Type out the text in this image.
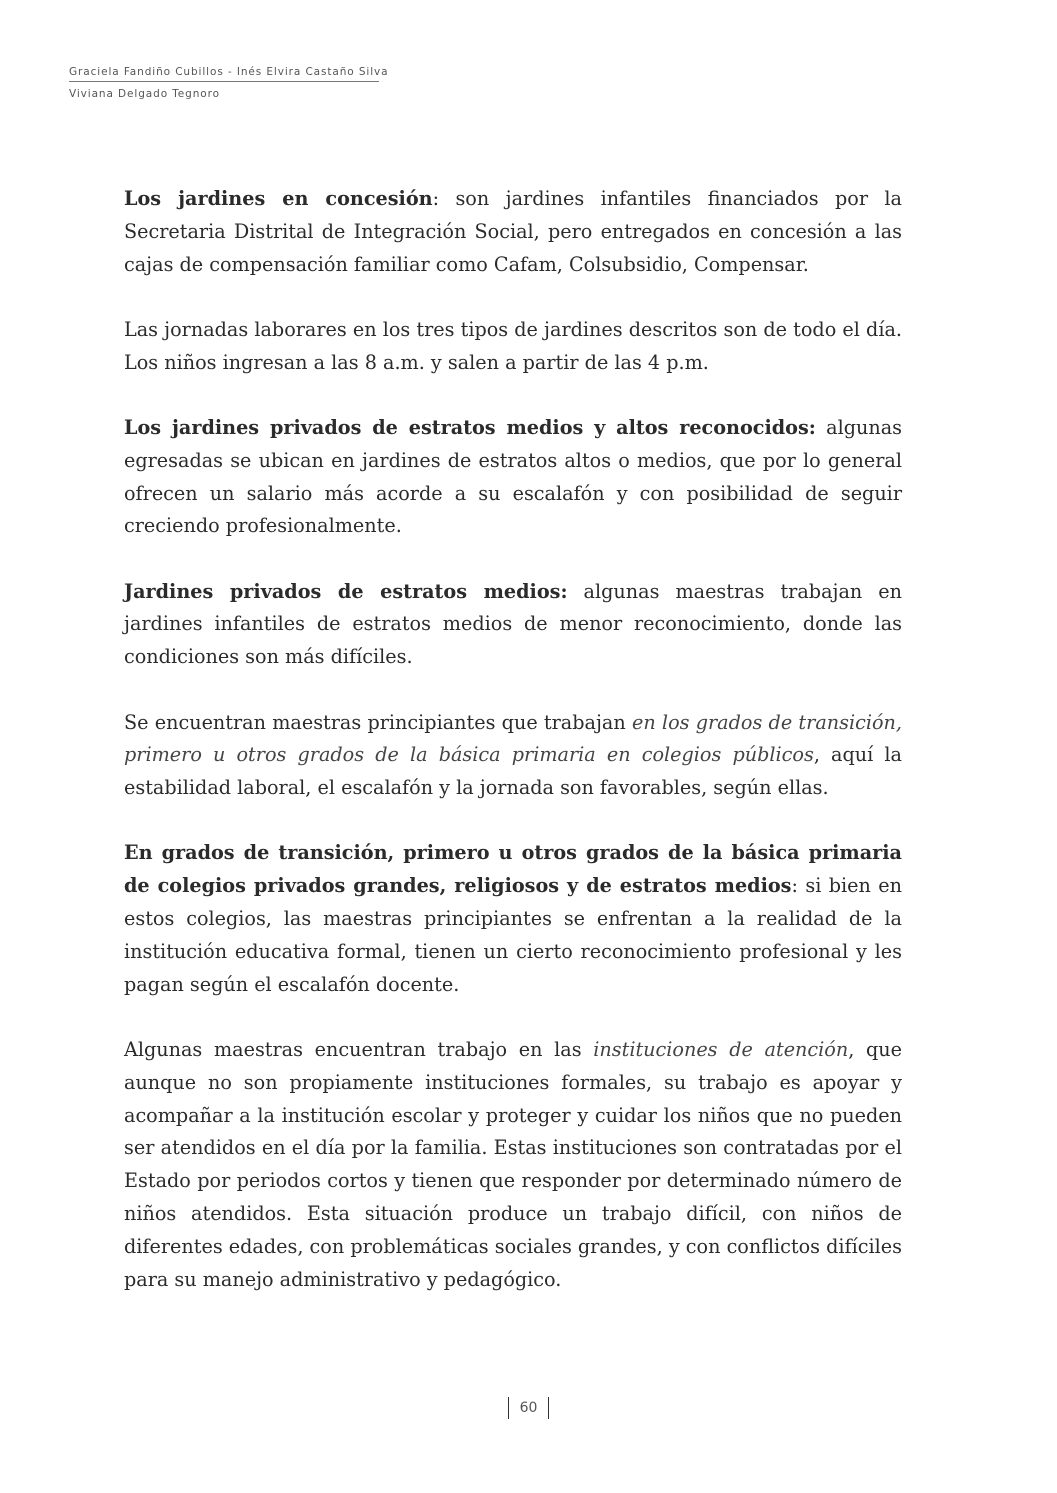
Graciela Fandiño Cubillos - Inés Elvira Castaño Silva
Viviana Delgado Tegnoro

Los jardines en concesión: son jardines infantiles financiados por la Secretaria Distrital de Integración Social, pero entregados en concesión a las cajas de compensación familiar como Cafam, Colsubsidio, Compensar.

Las jornadas laborares en los tres tipos de jardines descritos son de todo el día. Los niños ingresan a las 8 a.m. y salen a partir de las 4 p.m.

Los jardines privados de estratos medios y altos reconocidos: algunas egresadas se ubican en jardines de estratos altos o medios, que por lo general ofrecen un salario más acorde a su escalafón y con posibilidad de seguir creciendo profesionalmente.

Jardines privados de estratos medios: algunas maestras trabajan en jardines infantiles de estratos medios de menor reconocimiento, donde las condiciones son más difíciles.

Se encuentran maestras principiantes que trabajan en los grados de transición, primero u otros grados de la básica primaria en colegios públicos, aquí la estabilidad laboral, el escalafón y la jornada son favorables, según ellas.

En grados de transición, primero u otros grados de la básica primaria de colegios privados grandes, religiosos y de estratos medios: si bien en estos colegios, las maestras principiantes se enfrentan a la realidad de la institución educativa formal, tienen un cierto reconocimiento profesional y les pagan según el escalafón docente.

Algunas maestras encuentran trabajo en las instituciones de atención, que aunque no son propiamente instituciones formales, su trabajo es apoyar y acompañar a la institución escolar y proteger y cuidar los niños que no pueden ser atendidos en el día por la familia. Estas instituciones son contratadas por el Estado por periodos cortos y tienen que responder por determinado número de niños atendidos. Esta situación produce un trabajo difícil, con niños de diferentes edades, con problemáticas sociales grandes, y con conflictos difíciles para su manejo administrativo y pedagógico.

60
